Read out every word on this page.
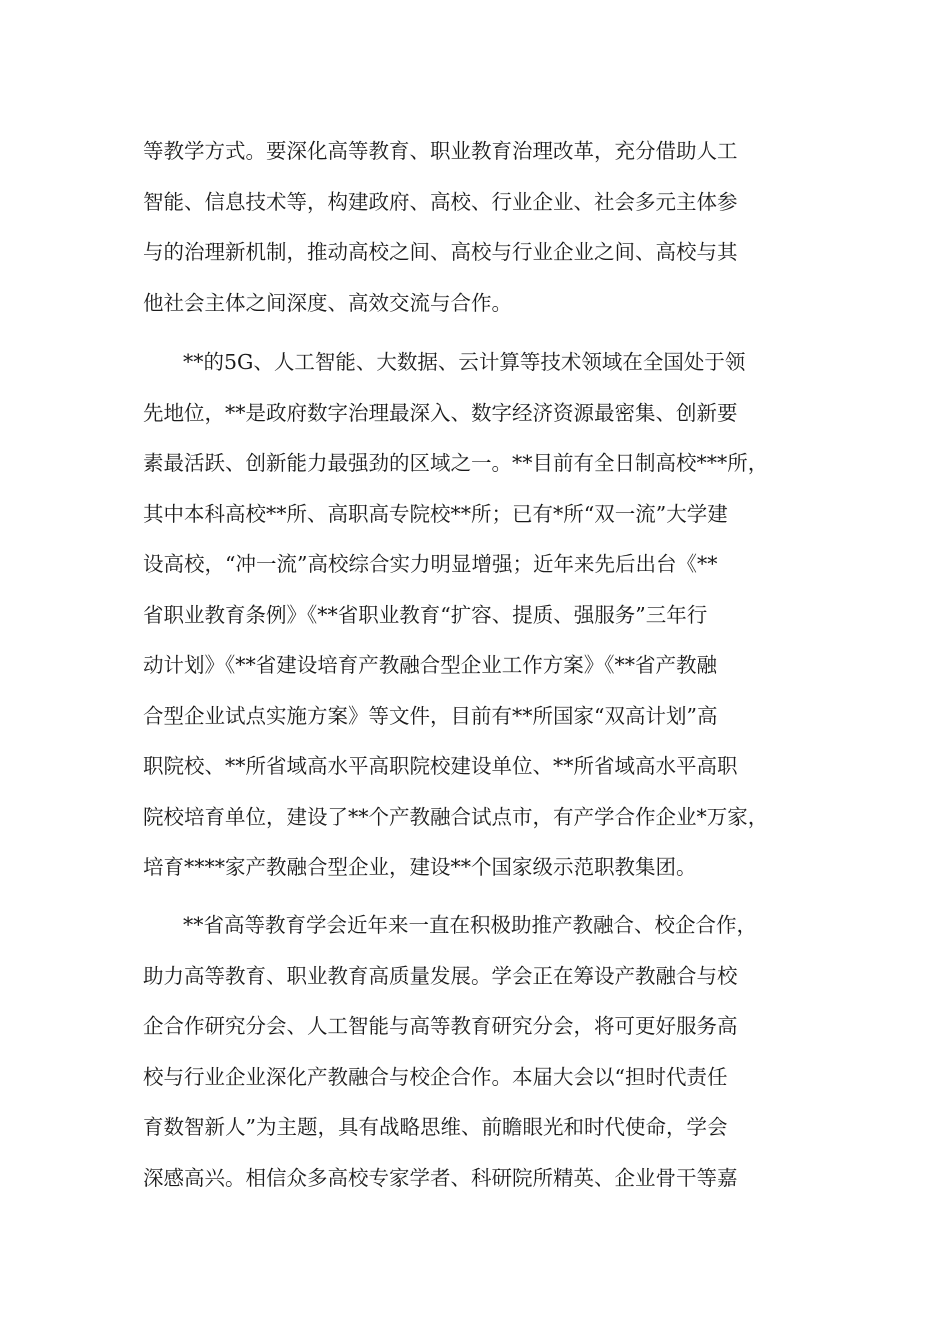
等教学方式。要深化高等教育、职业教育治理改革，充分借助人工
智能、信息技术等，构建政府、高校、行业企业、社会多元主体参
与的治理新机制，推动高校之间、高校与行业企业之间、高校与其
他社会主体之间深度、高效交流与合作。
**的5G、人工智能、大数据、云计算等技术领域在全国处于领
先地位，**是政府数字治理最深入、数字经济资源最密集、创新要
素最活跃、创新能力最强劲的区域之一。**目前有全日制高校***所，
其中本科高校**所、高职高专院校**所；已有*所“双一流”大学建
设高校，“冲一流”高校综合实力明显增强；近年来先后出台《**
省职业教育条例》《**省职业教育“扩容、提质、强服务”三年行
动计划》《**省建设培育产教融合型企业工作方案》《**省产教融
合型企业试点实施方案》等文件，目前有**所国家“双高计划”高
职院校、**所省域高水平高职院校建设单位、**所省域高水平高职
院校培育单位，建设了**个产教融合试点市，有产学合作企业*万家，
培育****家产教融合型企业，建设**个国家级示范职教集团。
**省高等教育学会近年来一直在积极助推产教融合、校企合作，
助力高等教育、职业教育高质量发展。学会正在筹设产教融合与校
企合作研究分会、人工智能与高等教育研究分会，将可更好服务高
校与行业企业深化产教融合与校企合作。本届大会以“担时代责任
育数智新人”为主题，具有战略思维、前瞻眼光和时代使命，学会
深感高兴。相信众多高校专家学者、科研院所精英、企业骨干等嘉
